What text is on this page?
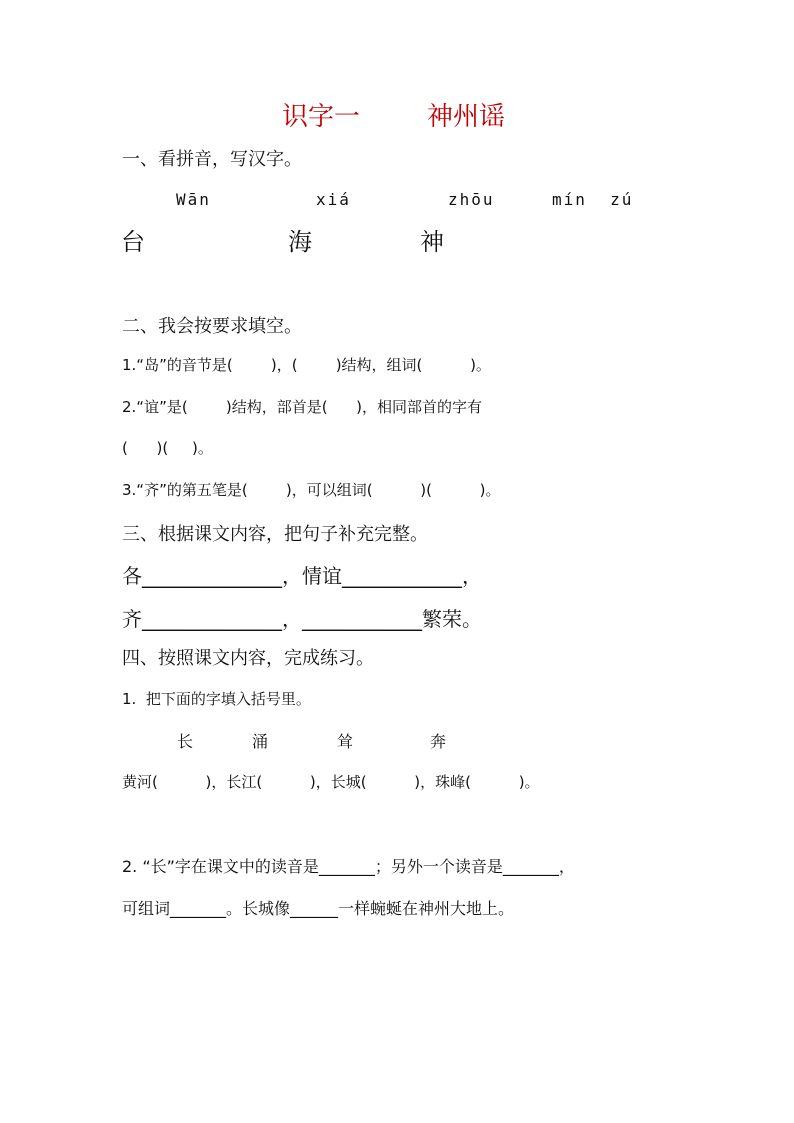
识字一	神州谣
一、看拼音，写汉字。
Wān	xiá	zhōu	mín  zú
台	海	神
二、我会按要求填空。
1.“岛”的音节是(        )，(        )结构，组词(          )。
2.“谊”是(        )结构，部首是(      )，相同部首的字有
(      )(     )。
3.“齐”的第五笔是(        )，可以组词(          )(          )。
三、根据课文内容，把句子补充完整。
各______________，情谊____________，
齐______________，____________繁荣。
四、按照课文内容，完成练习。
1.  把下面的字填入括号里。
长	涌	耸	奔
黄河(          )，长江(          )，长城(          )，珠峰(          )。
2. “长”字在课文中的读音是_______；另外一个读音是_______，
可组词_______。长城像______一样蜿蜒在神州大地上。
